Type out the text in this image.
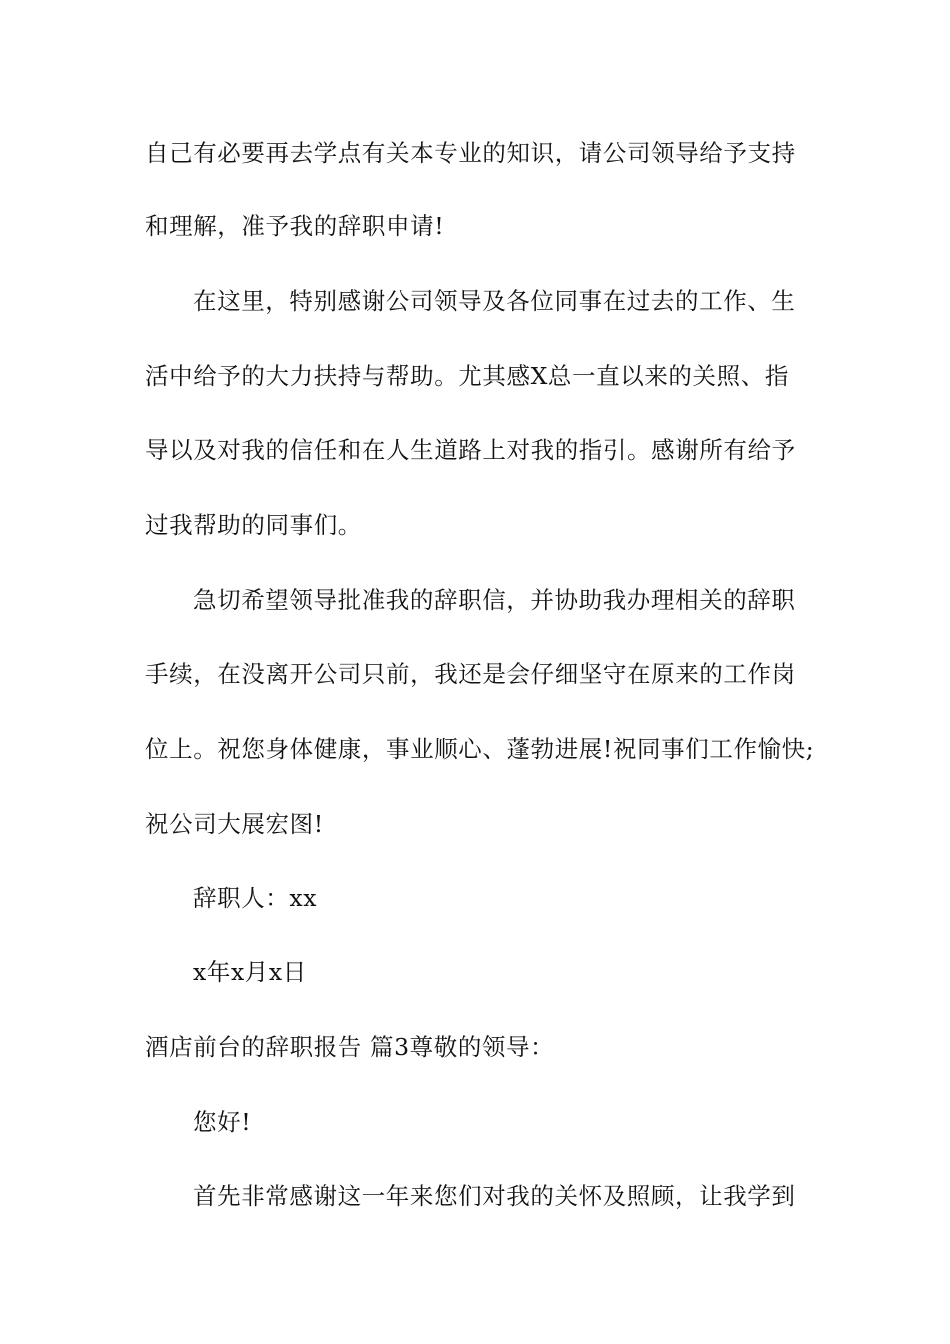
自己有必要再去学点有关本专业的知识，请公司领导给予支持
和理解，准予我的辞职申请!
在这里，特别感谢公司领导及各位同事在过去的工作、生
活中给予的大力扶持与帮助。尤其感X总一直以来的关照、指
导以及对我的信任和在人生道路上对我的指引。感谢所有给予
过我帮助的同事们。
急切希望领导批准我的辞职信，并协助我办理相关的辞职
手续，在没离开公司只前，我还是会仔细坚守在原来的工作岗
位上。祝您身体健康，事业顺心、蓬勃进展!祝同事们工作愉快;
祝公司大展宏图!
辞职人：xx
x年x月x日
酒店前台的辞职报告 篇3尊敬的领导：
您好!
首先非常感谢这一年来您们对我的关怀及照顾，让我学到
